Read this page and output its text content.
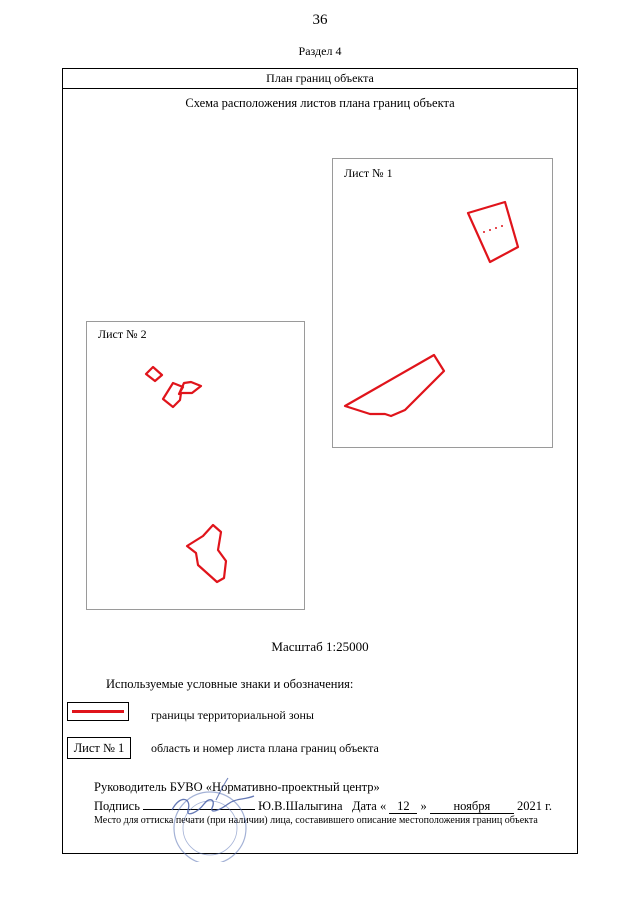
36
Раздел 4
План границ объекта
Схема расположения листов плана границ объекта
Лист № 1
Лист № 2
Масштаб 1:25000
Используемые условные знаки и обозначения:
границы территориальной зоны
Лист № 1	область и номер листа плана границ объекта
Руководитель БУВО «Нормативно-проектный центр»
Подпись	Ю.В.Шалыгина Дата « 12 » ноября 2021 г.
Место для оттиска печати (при наличии) лица, составившего описание местоположения границ объекта
